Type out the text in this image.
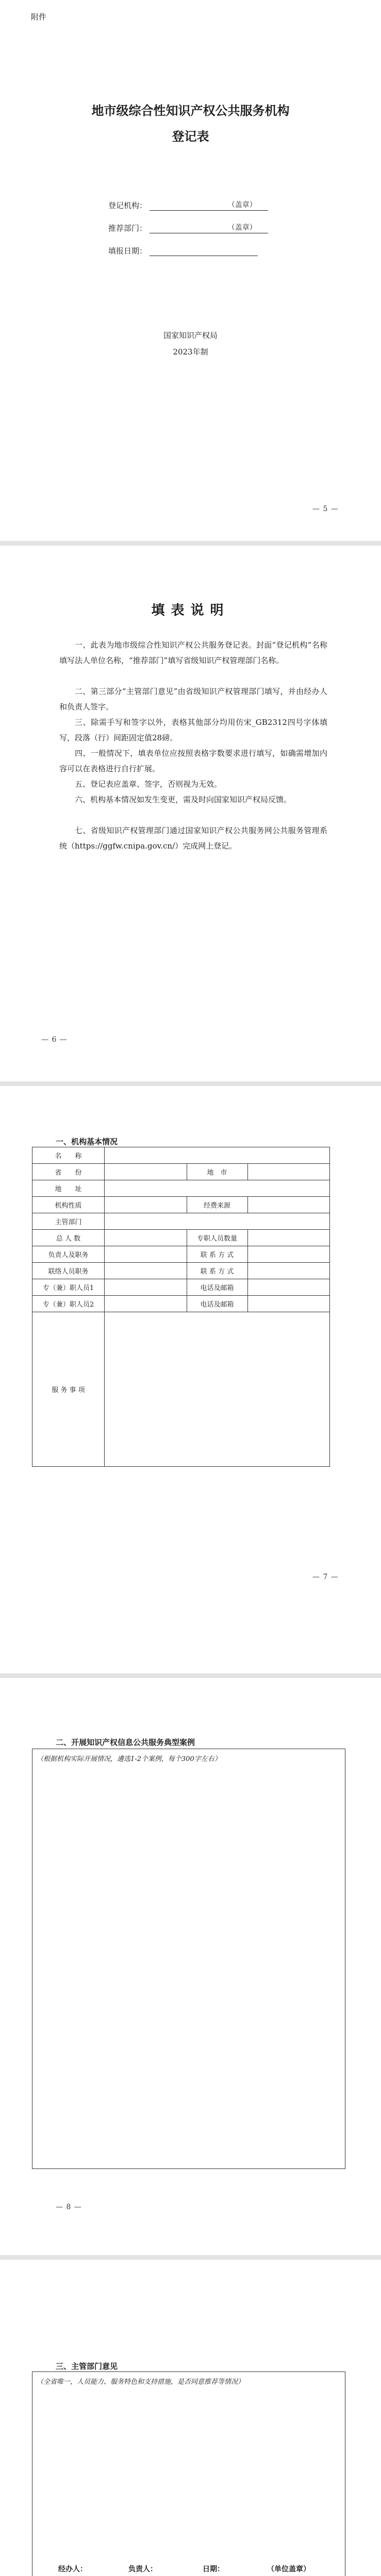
附件
地市级综合性知识产权公共服务机构
登记表
登记机构：	（盖章）
推荐部门：	（盖章）
填报日期：
国家知识产权局
2023年制
— 5 —
填表说明
一、此表为地市级综合性知识产权公共服务登记表。封面“登记机构”名称填写法人单位名称，“推荐部门”填写省级知识产权管理部门名称。
二、第三部分“主管部门意见”由省级知识产权管理部门填写，并由经办人和负责人签字。
三、除需手写和签字以外，表格其他部分均用仿宋_GB2312四号字体填写，段落（行）间距固定值28磅。
四、一般情况下，填表单位应按照表格字数要求进行填写，如确需增加内容可以在表格进行自行扩展。
五、登记表应盖章、签字，否则视为无效。
六、机构基本情况如发生变更，需及时向国家知识产权局反馈。
七、省级知识产权管理部门通过国家知识产权公共服务网公共服务管理系统（https://ggfw.cnipa.gov.cn/）完成网上登记。
— 6 —
一、机构基本情况
名　　称			
省　　份		地　市	
地　　址			
机构性质		经费来源	
主管部门			
总 人 数		专职人员数量	
负责人及职务		联 系 方 式	
联络人员职务		联 系 方 式	
专（兼）职人员1		电话及邮箱	
专（兼）职人员2		电话及邮箱	
服 务 事 项			
— 7 —
二、开展知识产权信息公共服务典型案例
（根据机构实际开展情况，遴选1-2个案例，每个300字左右）
— 8 —
三、主管部门意见
（全省唯一，人员能力、服务特色和支持措施，是否同意推荐等情况）
经办人：	负责人：	日期：	（单位盖章）
